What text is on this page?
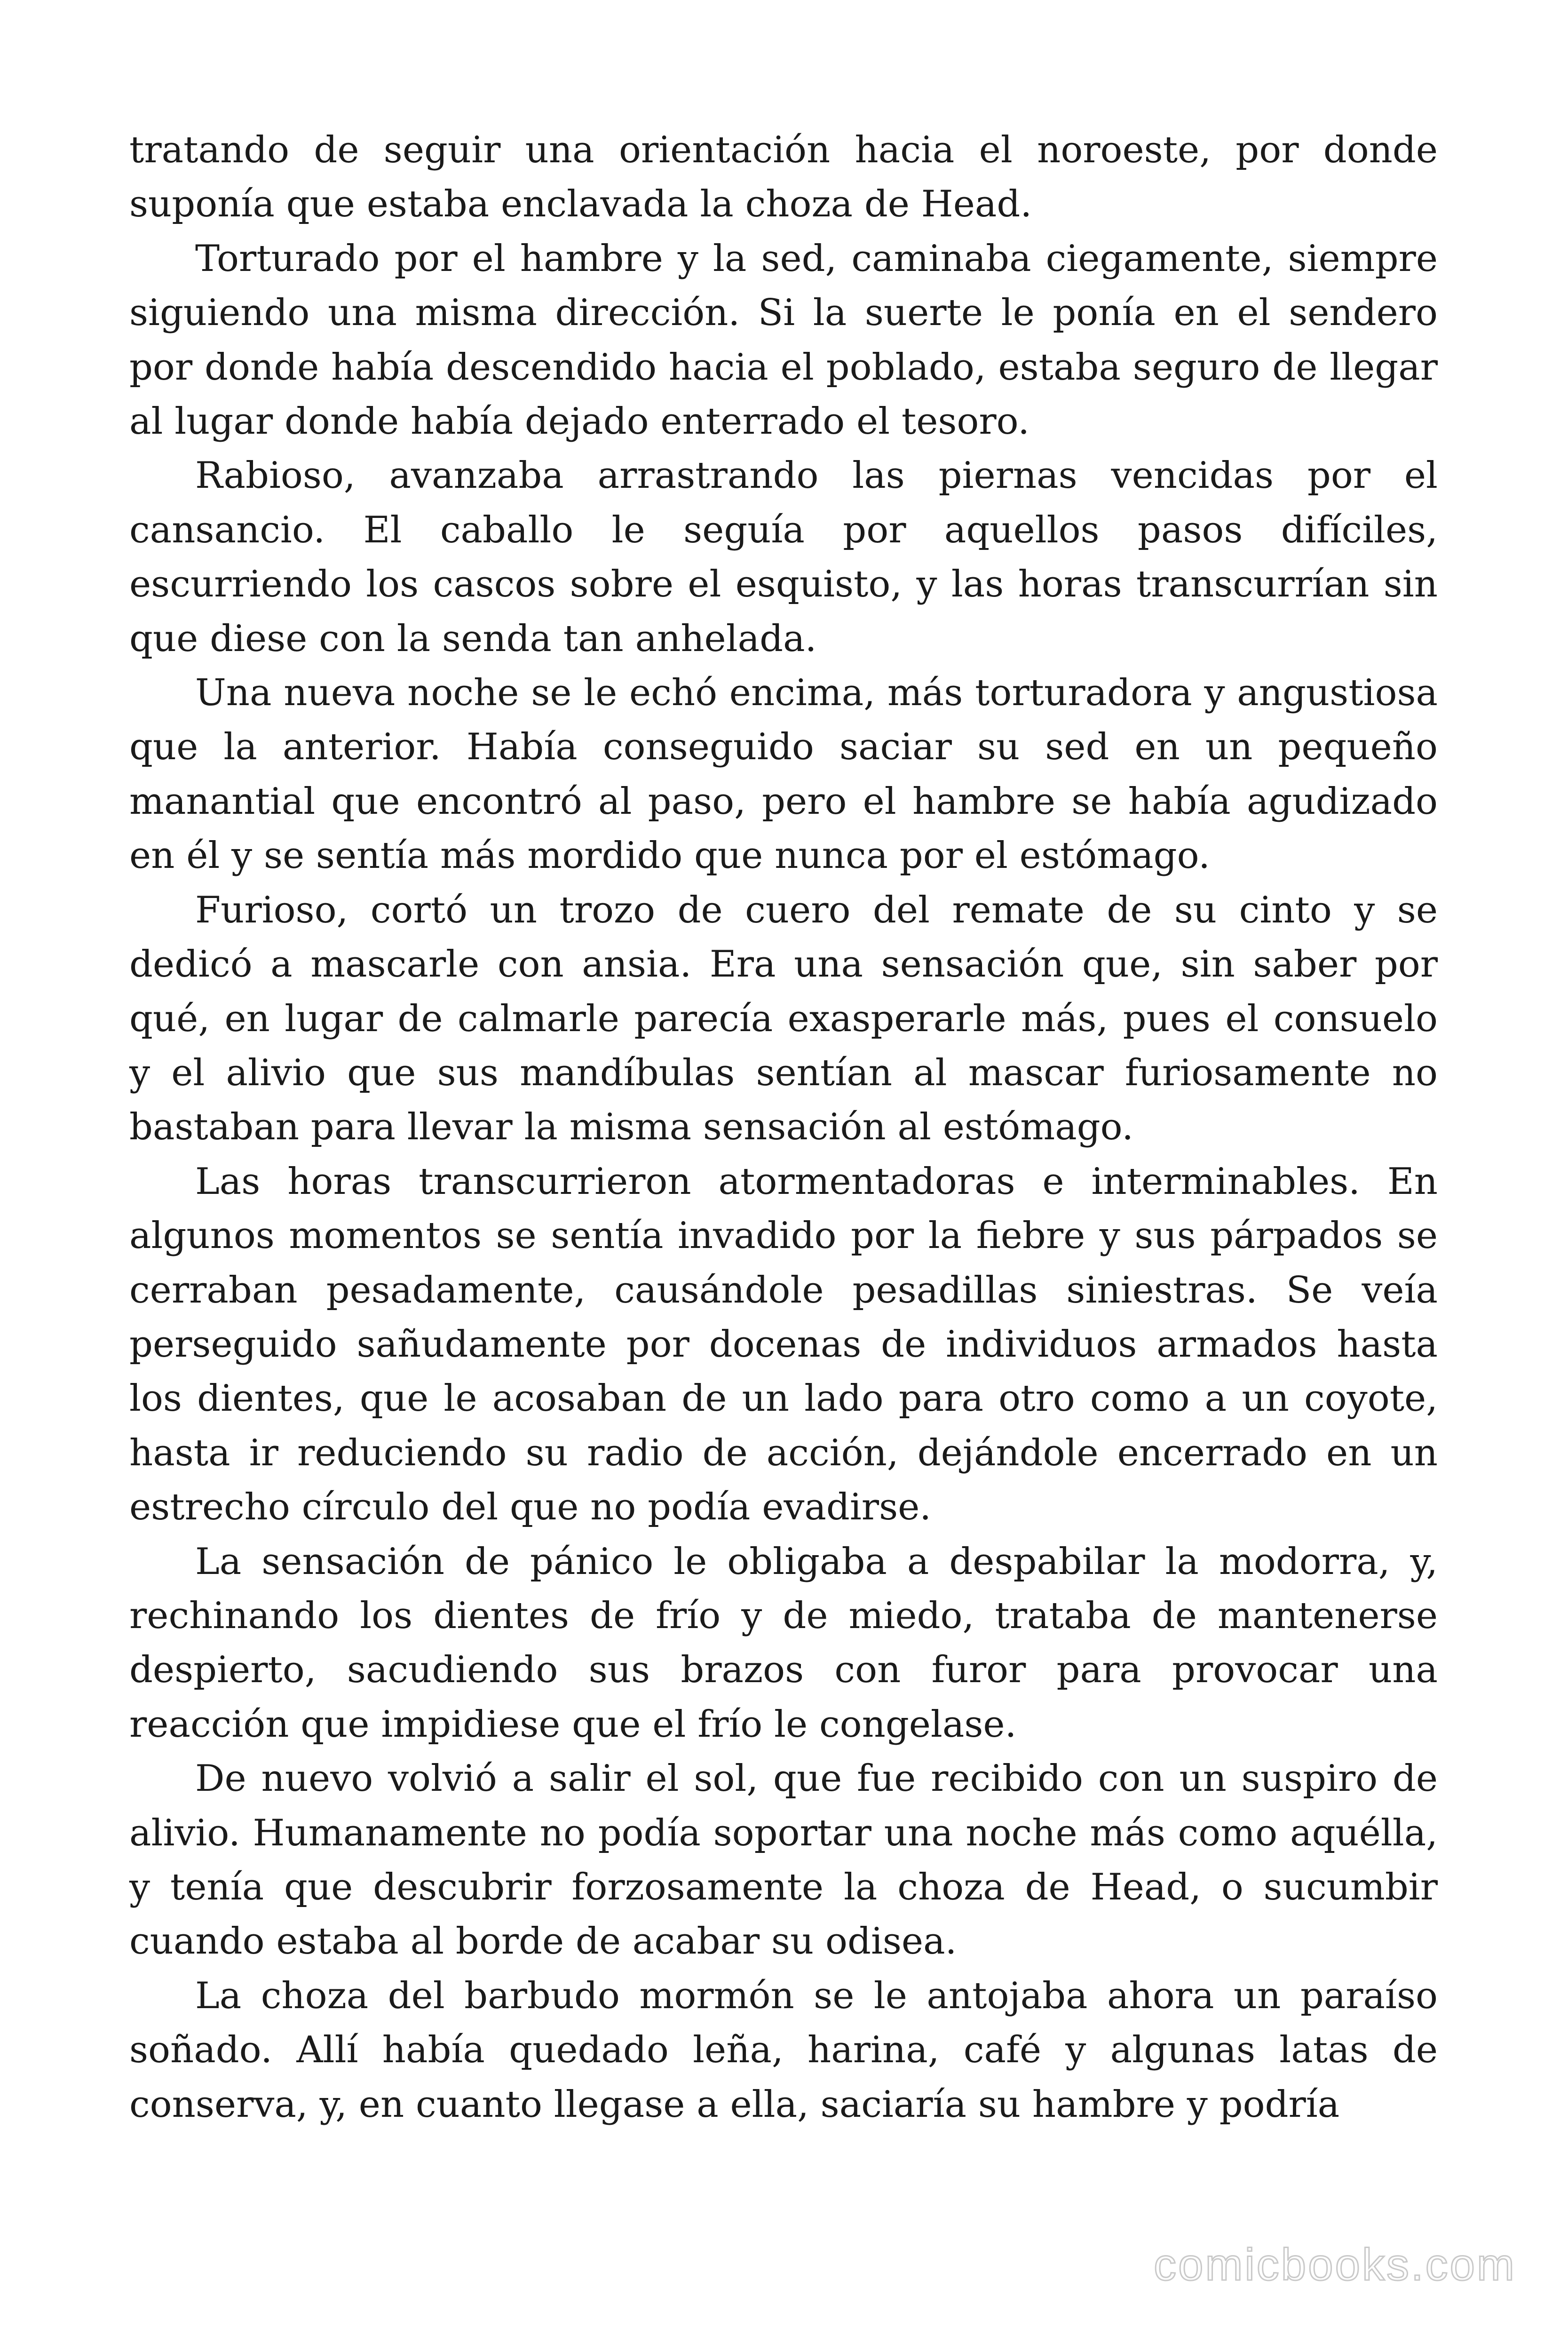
tratando de seguir una orientación hacia el noroeste, por donde suponía que estaba enclavada la choza de Head.

Torturado por el hambre y la sed, caminaba ciegamente, siempre siguiendo una misma dirección. Si la suerte le ponía en el sendero por donde había descendido hacia el poblado, estaba seguro de llegar al lugar donde había dejado enterrado el tesoro.

Rabioso, avanzaba arrastrando las piernas vencidas por el cansancio. El caballo le seguía por aquellos pasos difíciles, escurriendo los cascos sobre el esquisto, y las horas transcurrían sin que diese con la senda tan anhelada.

Una nueva noche se le echó encima, más torturadora y angustiosa que la anterior. Había conseguido saciar su sed en un pequeño manantial que encontró al paso, pero el hambre se había agudizado en él y se sentía más mordido que nunca por el estómago.

Furioso, cortó un trozo de cuero del remate de su cinto y se dedicó a mascarle con ansia. Era una sensación que, sin saber por qué, en lugar de calmarle parecía exasperarle más, pues el consuelo y el alivio que sus mandíbulas sentían al mascar furiosamente no bastaban para llevar la misma sensación al estómago.

Las horas transcurrieron atormentadoras e interminables. En algunos momentos se sentía invadido por la fiebre y sus párpados se cerraban pesadamente, causándole pesadillas siniestras. Se veía perseguido sañudamente por docenas de individuos armados hasta los dientes, que le acosaban de un lado para otro como a un coyote, hasta ir reduciendo su radio de acción, dejándole encerrado en un estrecho círculo del que no podía evadirse.

La sensación de pánico le obligaba a despabilar la modorra, y, rechinando los dientes de frío y de miedo, trataba de mantenerse despierto, sacudiendo sus brazos con furor para provocar una reacción que impidiese que el frío le congelase.

De nuevo volvió a salir el sol, que fue recibido con un suspiro de alivio. Humanamente no podía soportar una noche más como aquélla, y tenía que descubrir forzosamente la choza de Head, o sucumbir cuando estaba al borde de acabar su odisea.

La choza del barbudo mormón se le antojaba ahora un paraíso soñado. Allí había quedado leña, harina, café y algunas latas de conserva, y, en cuanto llegase a ella, saciaría su hambre y podría

comicbooks.com
